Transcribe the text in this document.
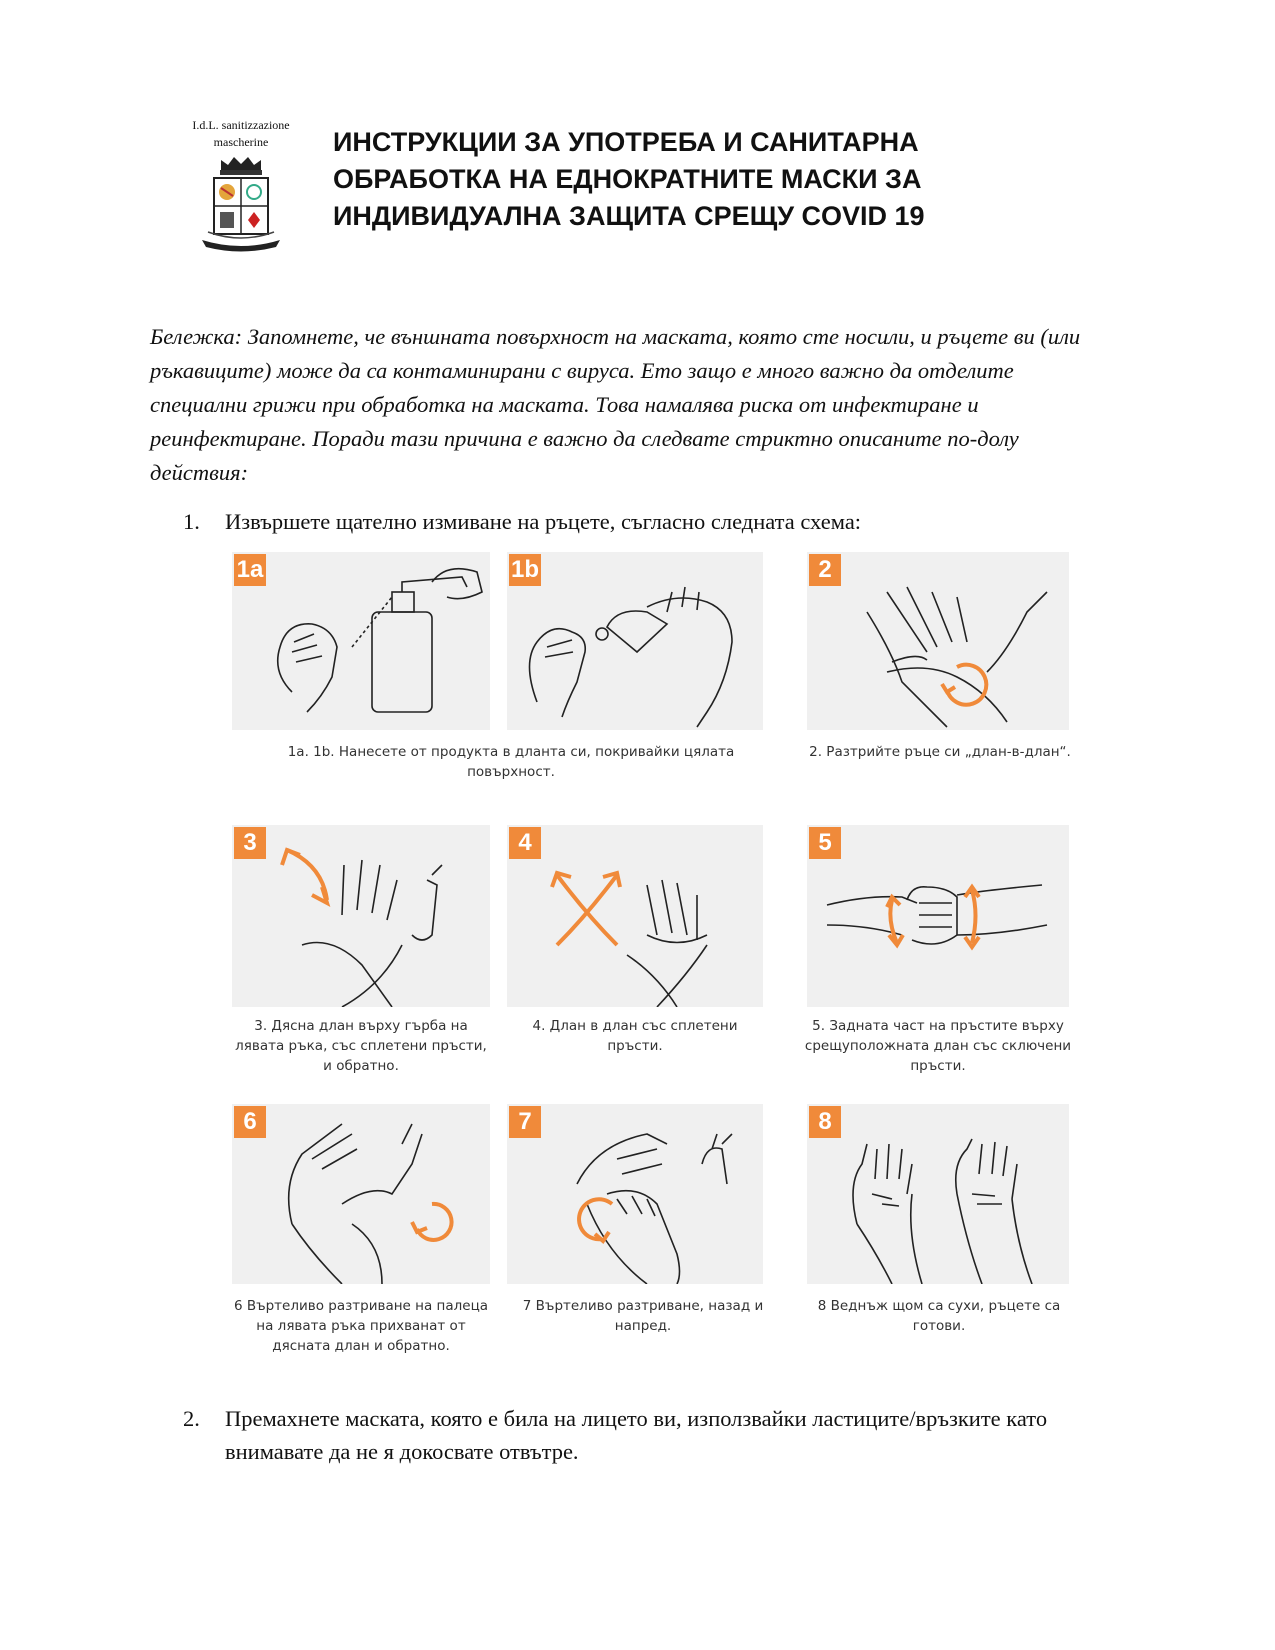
I.d.L. sanitizzazione
mascherine	ИНСТРУКЦИИ ЗА УПОТРЕБА И САНИТАРНА ОБРАБОТКА НА ЕДНОКРАТНИТЕ МАСКИ ЗА ИНДИВИДУАЛНА ЗАЩИТА СРЕЩУ COVID 19

Бележка: Запомнете, че външната повърхност на маската, която сте носили, и ръцете ви (или ръкавиците) може да са контаминирани с вируса. Ето защо е много важно да отделите специални грижи при обработка на маската. Това намалява риска от инфектиране и реинфектиране. Поради тази причина е важно да следвате стриктно описаните по-долу действия:

1. Извършете щателно измиване на ръцете, съгласно следната схема:
1a	1b	2
1a. 1b. Нанесете от продукта в дланта си, покривайки цялата повърхност.
2. Разтрийте ръце си „длан-в-длан“.
3	4	5
3. Дясна длан върху гърба на лявата ръка, със сплетени пръсти, и обратно.
4. Длан в длан със сплетени пръсти.
5. Задната част на пръстите върху срещуположната длан със сключени пръсти.
6	7	8
6 Въртеливо разтриване на палеца на лявата ръка прихванат от дясната длан и обратно.
7 Въртеливо разтриване, назад и напред.
8 Веднъж щом са сухи, ръцете са готови.
2. Премахнете маската, която е била на лицето ви, използвайки ластиците/връзките като внимавате да не я докосвате отвътре.
